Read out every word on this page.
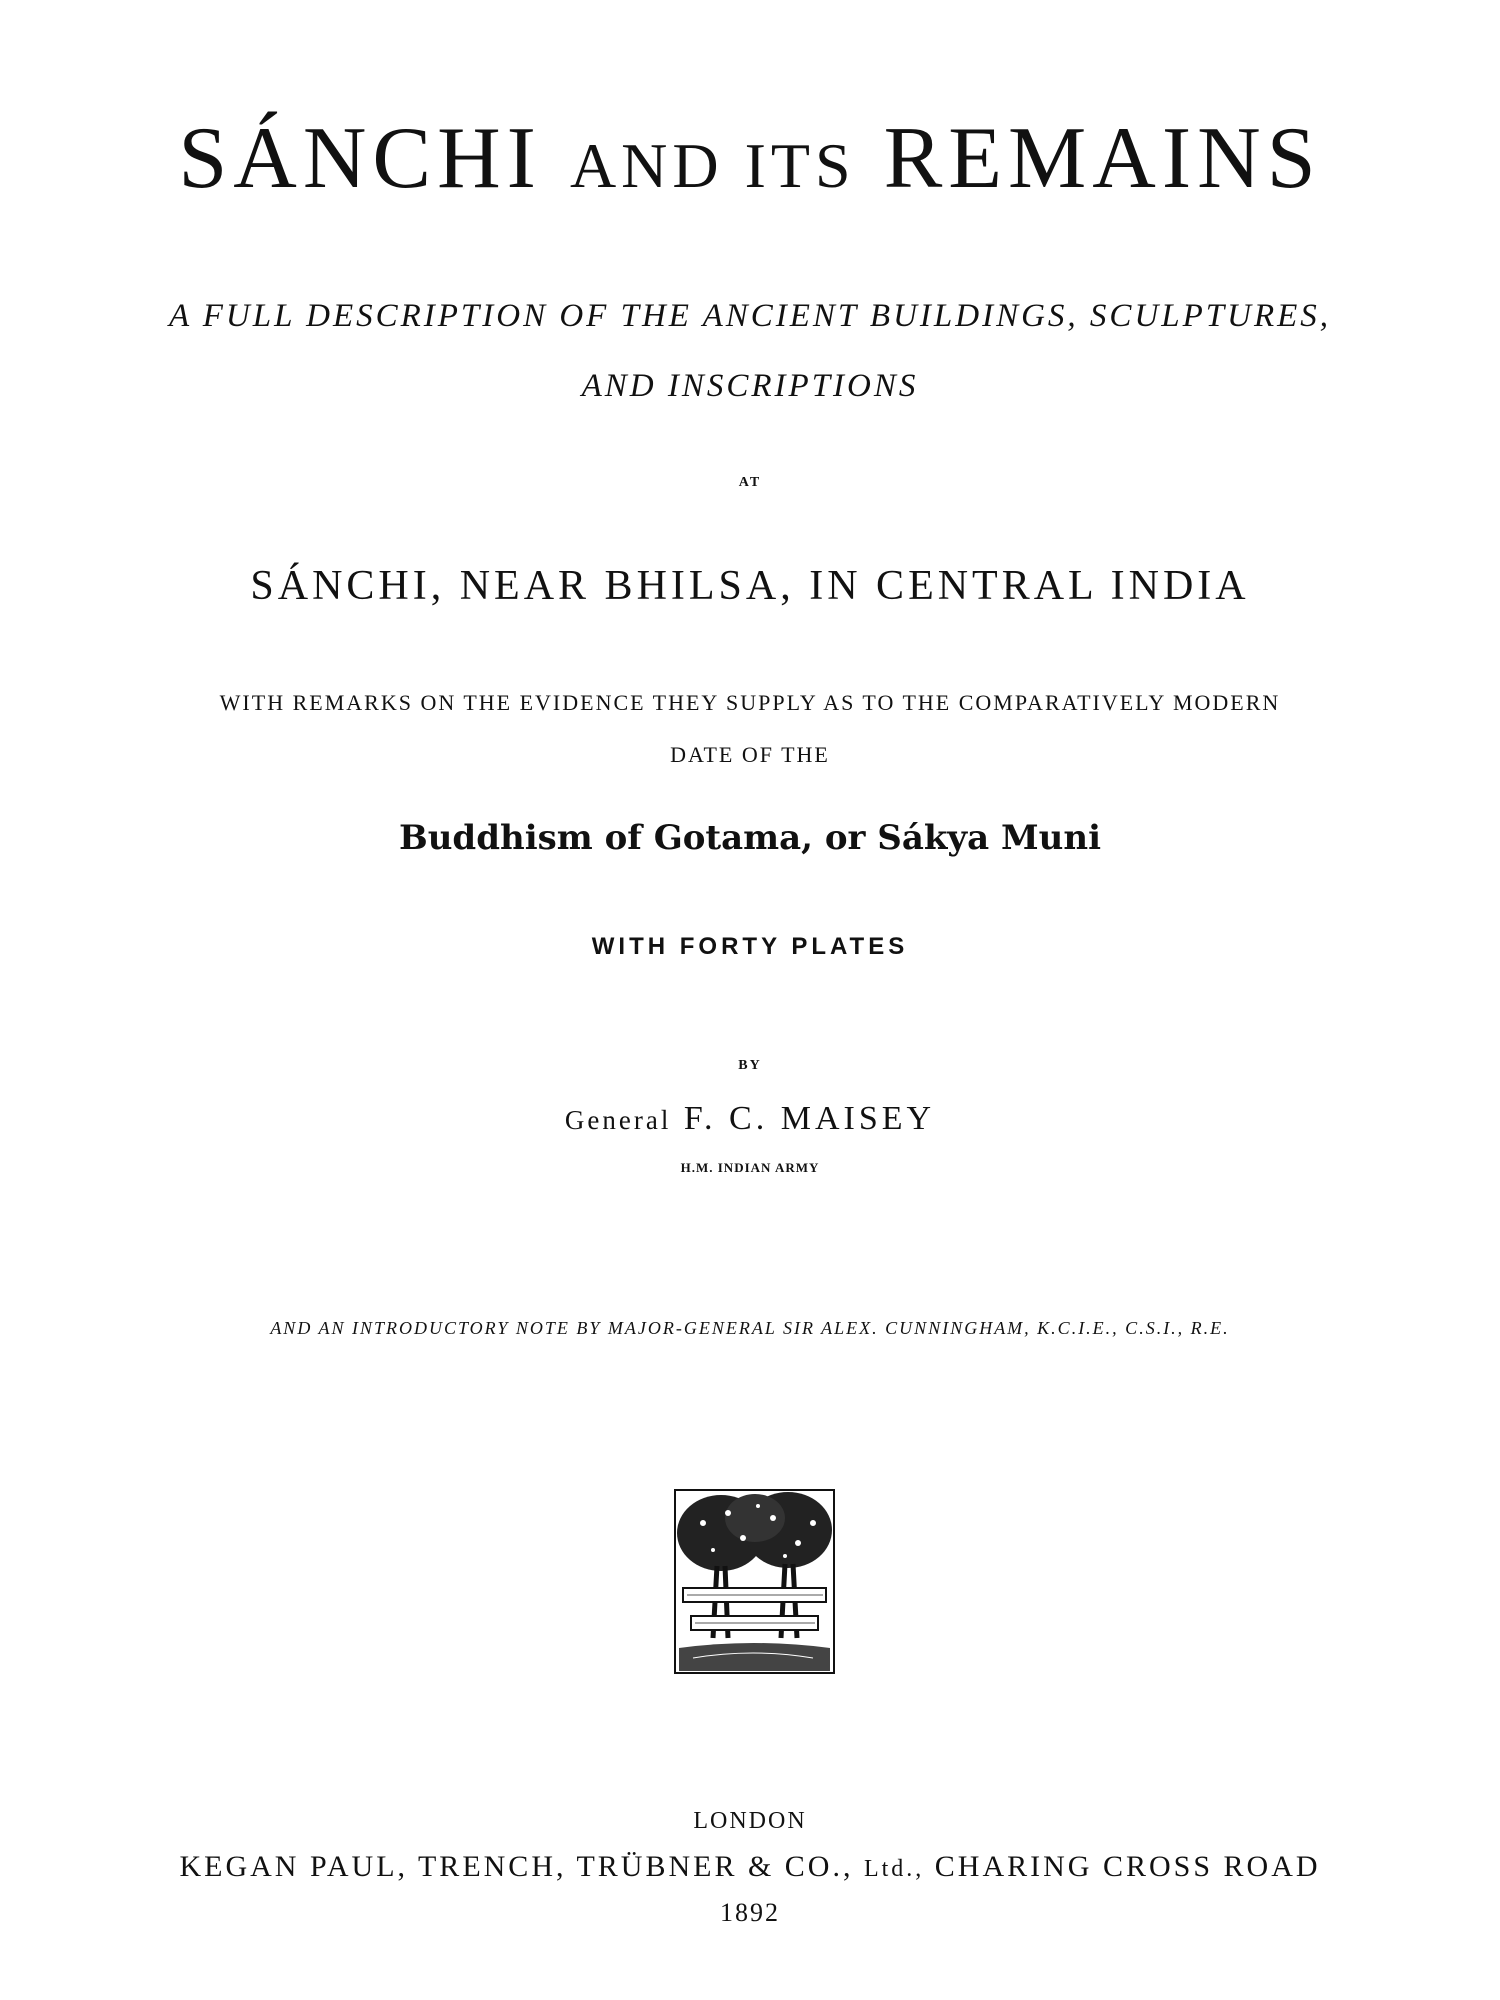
SÁNCHI AND ITS REMAINS
A FULL DESCRIPTION OF THE ANCIENT BUILDINGS, SCULPTURES,
AND INSCRIPTIONS
AT
SÁNCHI, NEAR BHILSA, IN CENTRAL INDIA
WITH REMARKS ON THE EVIDENCE THEY SUPPLY AS TO THE COMPARATIVELY MODERN
DATE OF THE
Buddhism of Gotama, or Sákya Muni
WITH FORTY PLATES
BY
General F. C. MAISEY
H.M. INDIAN ARMY
AND AN INTRODUCTORY NOTE BY MAJOR-GENERAL SIR ALEX. CUNNINGHAM, K.C.I.E., C.S.I., R.E.
LONDON
KEGAN PAUL, TRENCH, TRÜBNER & CO., Ltd., CHARING CROSS ROAD
1892
